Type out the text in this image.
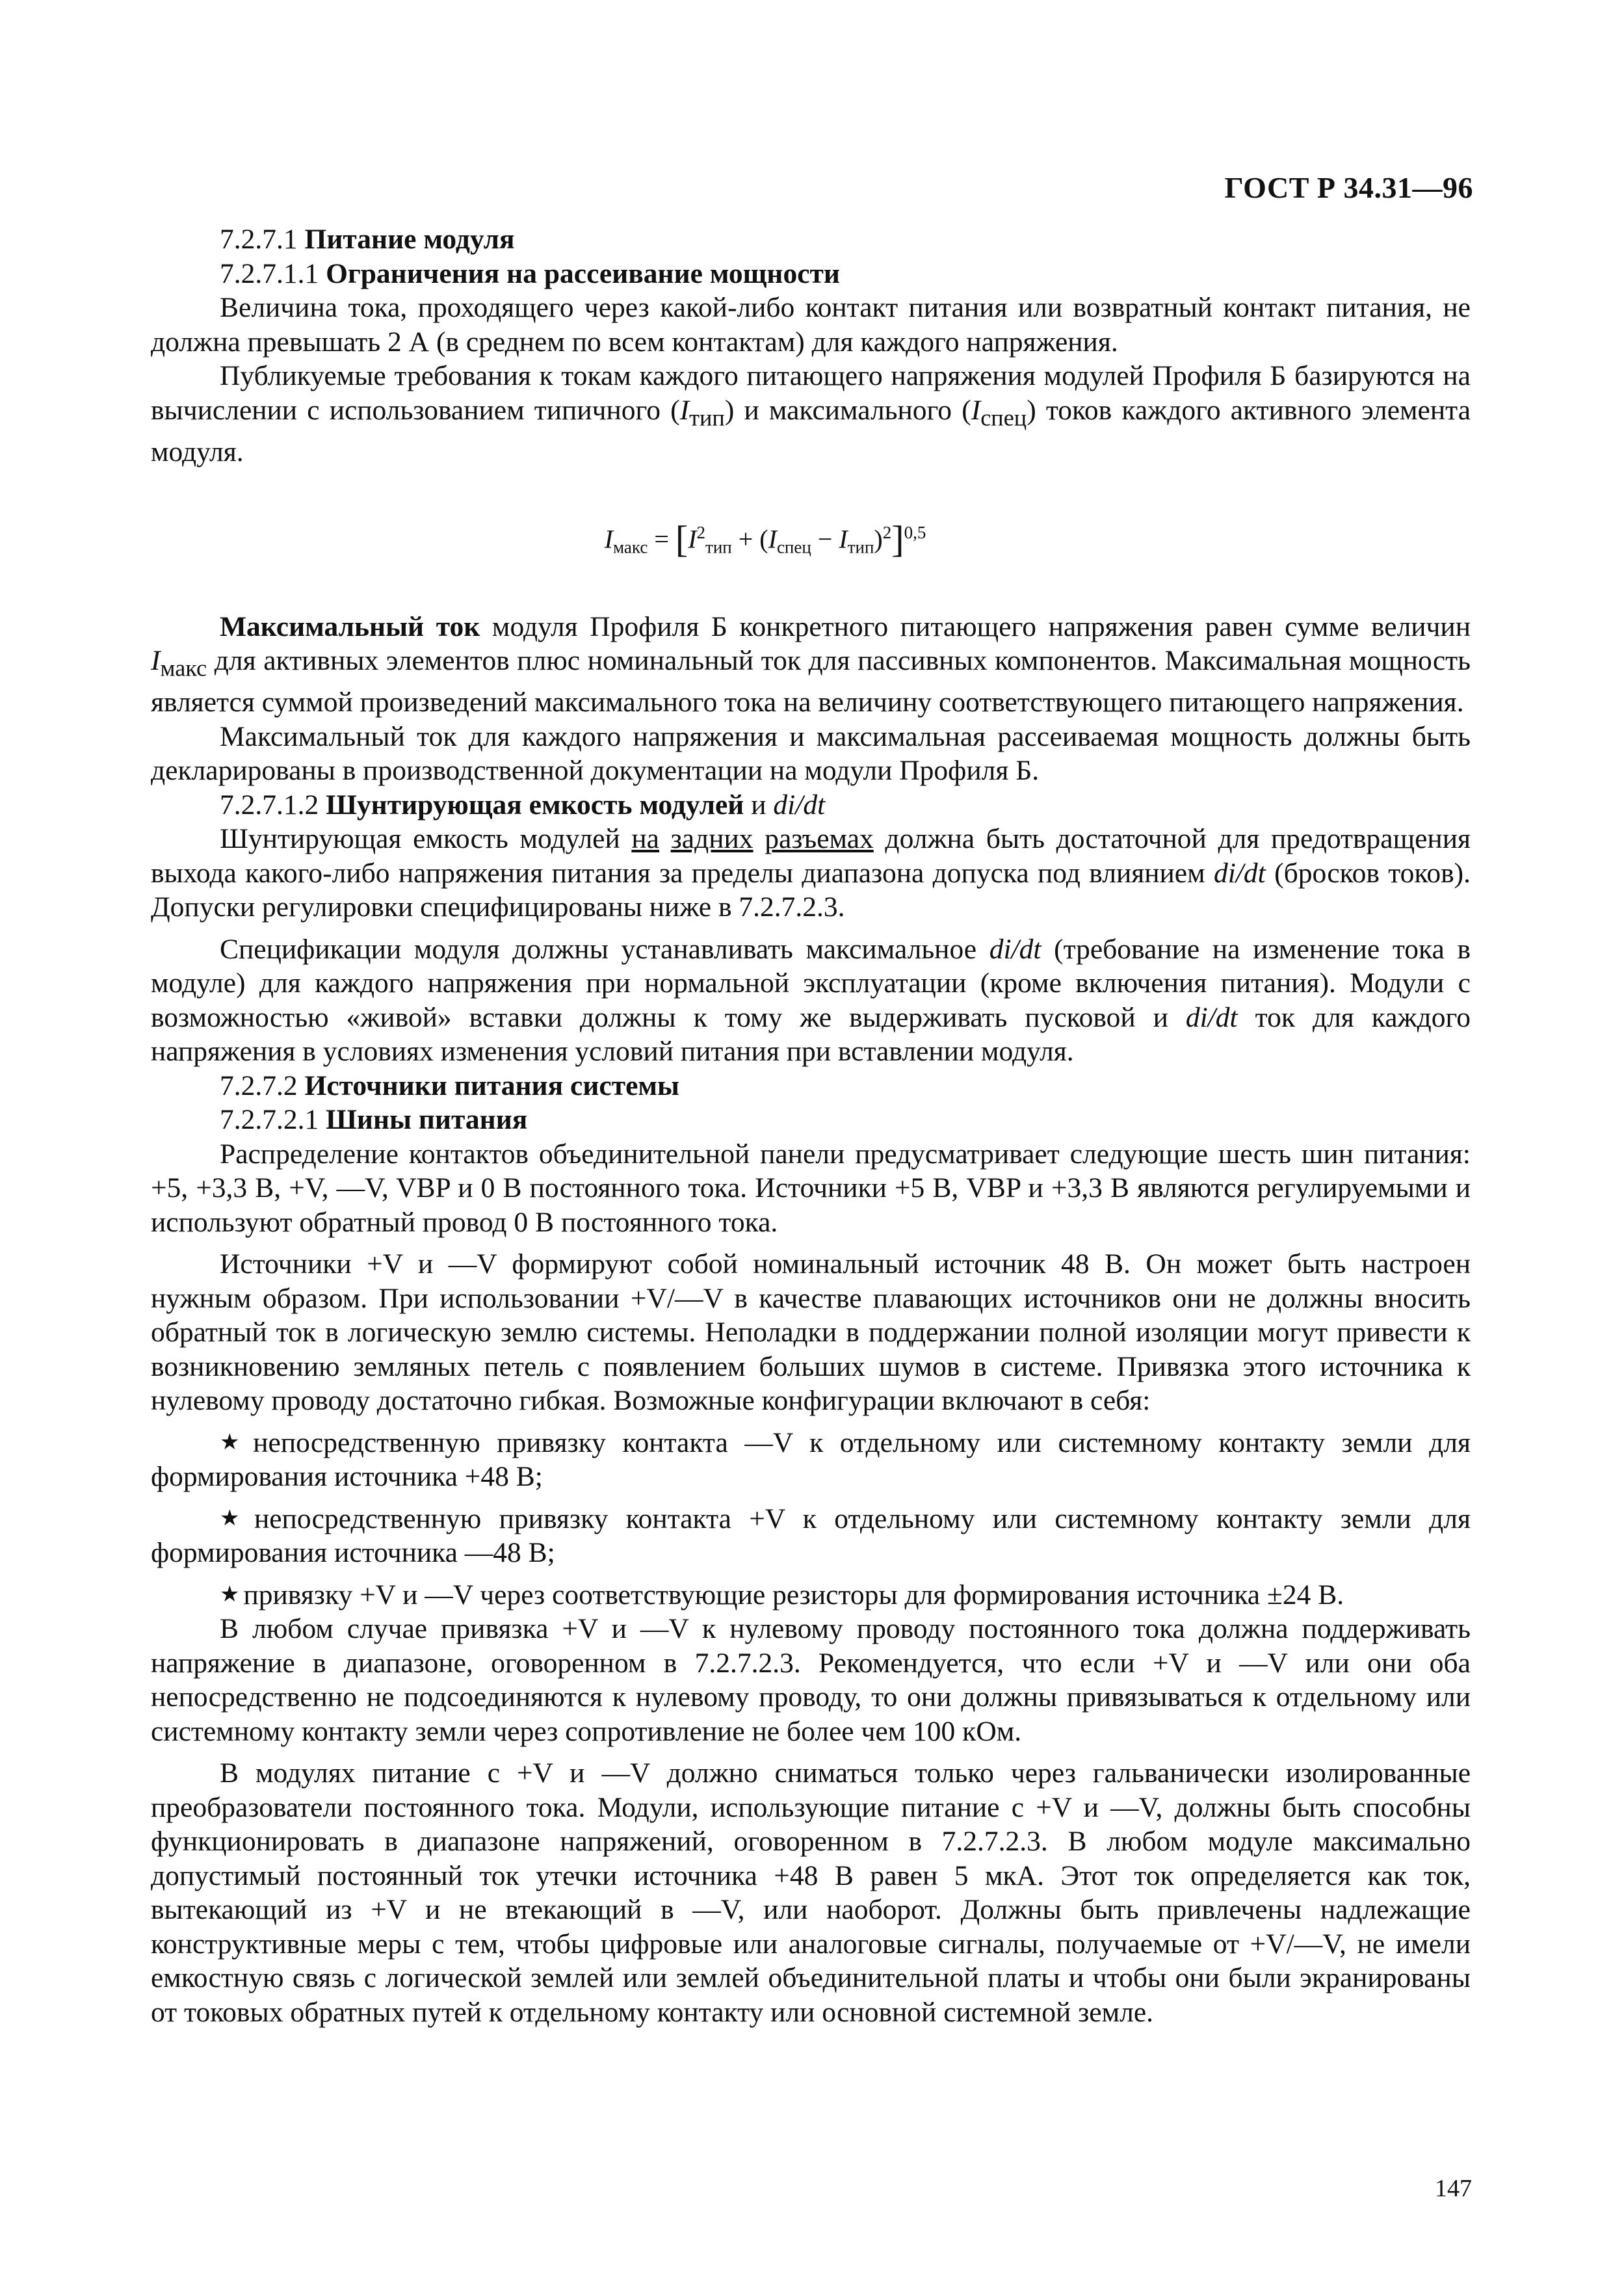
ГОСТ Р 34.31—96

7.2.7.1 Питание модуля

7.2.7.1.1 Ограничения на рассеивание мощности

Величина тока, проходящего через какой-либо контакт питания или возвратный контакт питания, не должна превышать 2 А (в среднем по всем контактам) для каждого напряжения.

Публикуемые требования к токам каждого питающего напряжения модулей Профиля Б базируются на вычислении с использованием типичного $(I_{тип})$ и максимального $(I_{спец})$ токов каждого активного элемента модуля.

$I_{макс} = [I^2_{тип} + (I_{спец} - I_{тип})^2]^{0,5}$

Максимальный ток модуля Профиля Б конкретного питающего напряжения равен сумме величин $I_{макс}$ для активных элементов плюс номинальный ток для пассивных компонентов. Максимальная мощность является суммой произведений максимального тока на величину соответствующего питающего напряжения.

Максимальный ток для каждого напряжения и максимальная рассеиваемая мощность должны быть декларированы в производственной документации на модули Профиля Б.

7.2.7.1.2 Шунтирующая емкость модулей и di/dt

Шунтирующая емкость модулей на задних разъемах должна быть достаточной для предотвращения выхода какого-либо напряжения питания за пределы диапазона допуска под влиянием di/dt (бросков токов). Допуски регулировки специфицированы ниже в 7.2.7.2.3.

Спецификации модуля должны устанавливать максимальное di/dt (требование на изменение тока в модуле) для каждого напряжения при нормальной эксплуатации (кроме включения питания). Модули с возможностью «живой» вставки должны к тому же выдерживать пусковой и di/dt ток для каждого напряжения в условиях изменения условий питания при вставлении модуля.

7.2.7.2 Источники питания системы

7.2.7.2.1 Шины питания

Распределение контактов объединительной панели предусматривает следующие шесть шин питания: +5, +3,3 В, +V, —V, VBP и 0 В постоянного тока. Источники +5 В, VBP и +3,3 В являются регулируемыми и используют обратный провод 0 В постоянного тока.

Источники +V и —V формируют собой номинальный источник 48 В. Он может быть настроен нужным образом. При использовании +V/—V в качестве плавающих источников они не должны вносить обратный ток в логическую землю системы. Неполадки в поддержании полной изоляции могут привести к возникновению земляных петель с появлением больших шумов в системе. Привязка этого источника к нулевому проводу достаточно гибкая. Возможные конфигурации включают в себя:

★ непосредственную привязку контакта —V к отдельному или системному контакту земли для формирования источника +48 В;

★ непосредственную привязку контакта +V к отдельному или системному контакту земли для формирования источника —48 В;

★ привязку +V и —V через соответствующие резисторы для формирования источника ±24 В.

В любом случае привязка +V и —V к нулевому проводу постоянного тока должна поддерживать напряжение в диапазоне, оговоренном в 7.2.7.2.3. Рекомендуется, что если +V и —V или они оба непосредственно не подсоединяются к нулевому проводу, то они должны привязываться к отдельному или системному контакту земли через сопротивление не более чем 100 кОм.

В модулях питание с +V и —V должно сниматься только через гальванически изолированные преобразователи постоянного тока. Модули, использующие питание с +V и —V, должны быть способны функционировать в диапазоне напряжений, оговоренном в 7.2.7.2.3. В любом модуле максимально допустимый постоянный ток утечки источника +48 В равен 5 мкА. Этот ток определяется как ток, вытекающий из +V и не втекающий в —V, или наоборот. Должны быть привлечены надлежащие конструктивные меры с тем, чтобы цифровые или аналоговые сигналы, получаемые от +V/—V, не имели емкостную связь с логической землей или землей объединительной платы и чтобы они были экранированы от токовых обратных путей к отдельному контакту или основной системной земле.

147
